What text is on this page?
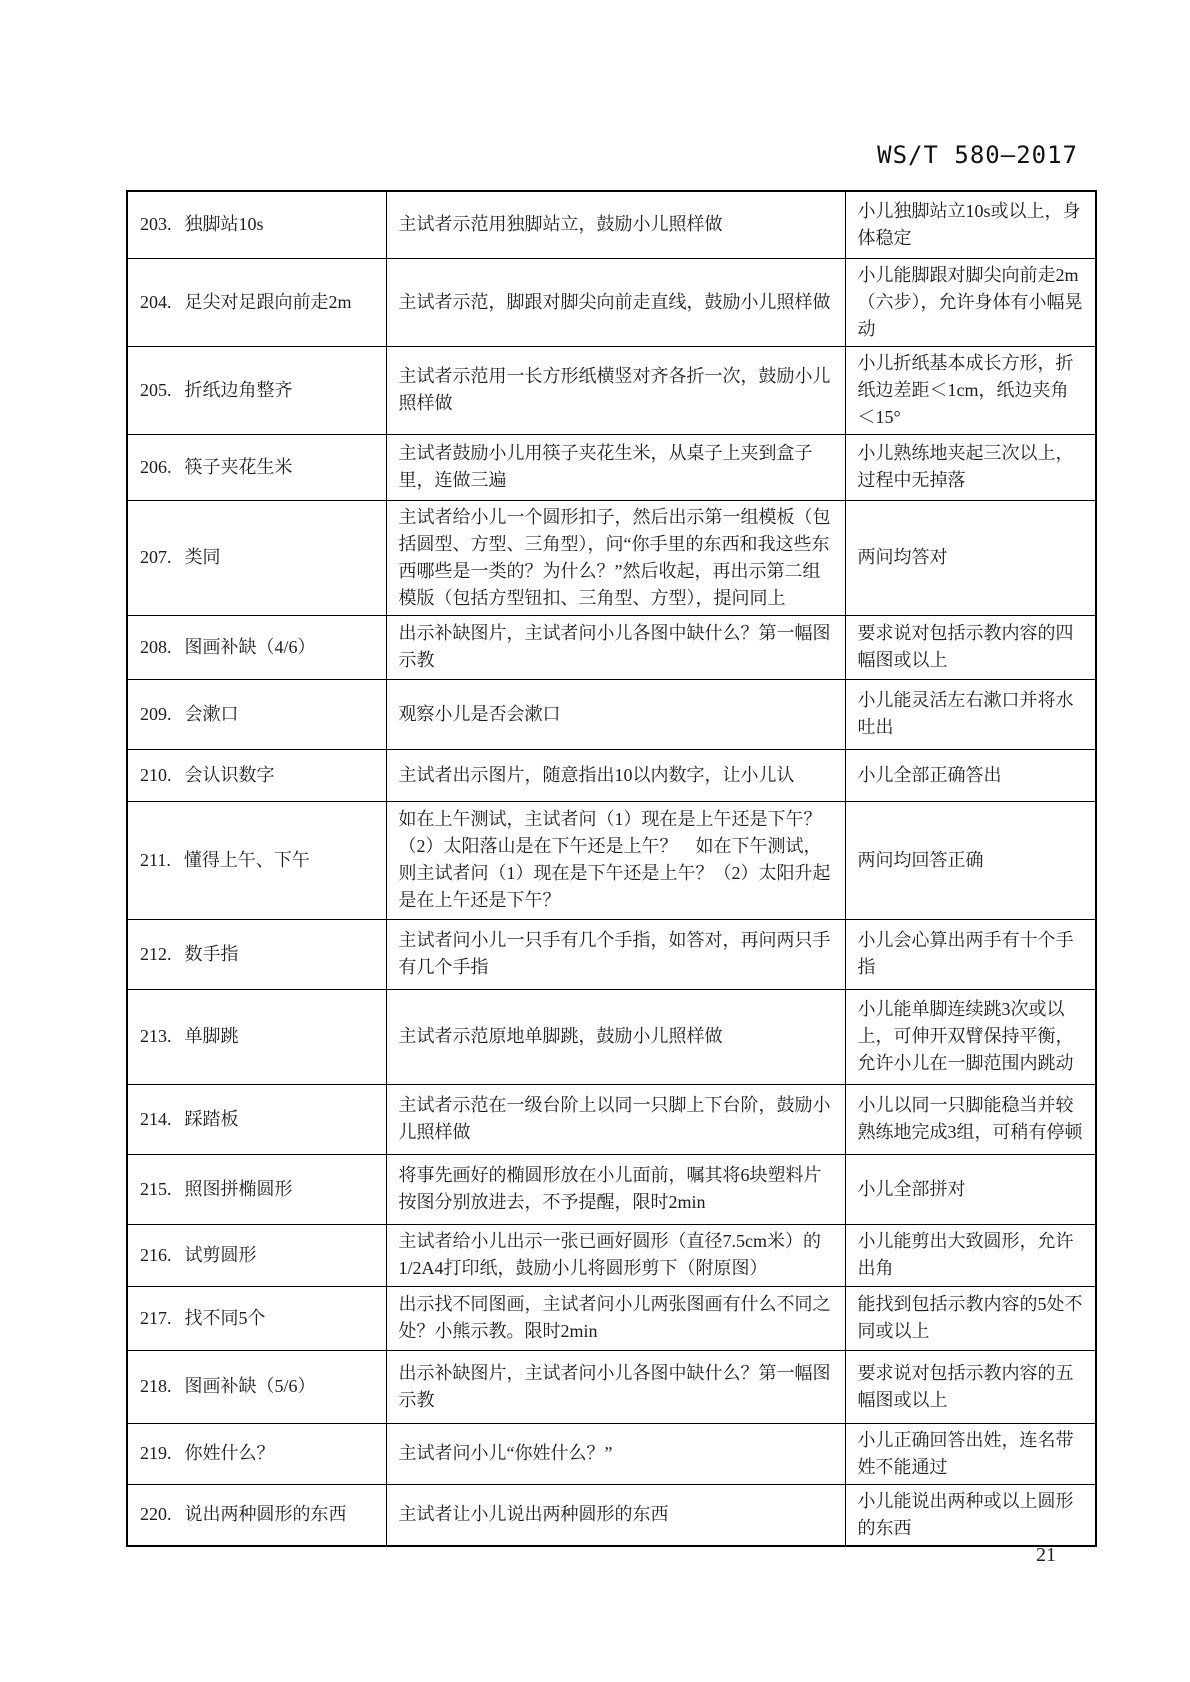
WS/T 580—2017
203. 独脚站10s	主试者示范用独脚站立，鼓励小儿照样做	小儿独脚站立10s或以上，身体稳定
204. 足尖对足跟向前走2m	主试者示范，脚跟对脚尖向前走直线，鼓励小儿照样做	小儿能脚跟对脚尖向前走2m（六步），允许身体有小幅晃动
205. 折纸边角整齐	主试者示范用一长方形纸横竖对齐各折一次，鼓励小儿照样做	小儿折纸基本成长方形，折纸边差距＜1cm，纸边夹角＜15°
206. 筷子夹花生米	主试者鼓励小儿用筷子夹花生米，从桌子上夹到盒子里，连做三遍	小儿熟练地夹起三次以上，过程中无掉落
207. 类同	主试者给小儿一个圆形扣子，然后出示第一组模板（包括圆型、方型、三角型），问“你手里的东西和我这些东西哪些是一类的？为什么？”然后收起，再出示第二组模版（包括方型钮扣、三角型、方型），提问同上	两问均答对
208. 图画补缺（4/6）	出示补缺图片，主试者问小儿各图中缺什么？第一幅图示教	要求说对包括示教内容的四幅图或以上
209. 会漱口	观察小儿是否会漱口	小儿能灵活左右漱口并将水吐出
210. 会认识数字	主试者出示图片，随意指出10以内数字，让小儿认	小儿全部正确答出
211. 懂得上午、下午	如在上午测试，主试者问（1）现在是上午还是下午？（2）太阳落山是在下午还是上午？　如在下午测试，则主试者问（1）现在是下午还是上午？（2）太阳升起是在上午还是下午？	两问均回答正确
212. 数手指	主试者问小儿一只手有几个手指，如答对，再问两只手有几个手指	小儿会心算出两手有十个手指
213. 单脚跳	主试者示范原地单脚跳，鼓励小儿照样做	小儿能单脚连续跳3次或以上，可伸开双臂保持平衡，允许小儿在一脚范围内跳动
214. 踩踏板	主试者示范在一级台阶上以同一只脚上下台阶，鼓励小儿照样做	小儿以同一只脚能稳当并较熟练地完成3组，可稍有停顿
215. 照图拼椭圆形	将事先画好的椭圆形放在小儿面前，嘱其将6块塑料片按图分别放进去，不予提醒，限时2min	小儿全部拼对
216. 试剪圆形	主试者给小儿出示一张已画好圆形（直径7.5cm米）的1/2A4打印纸，鼓励小儿将圆形剪下（附原图）	小儿能剪出大致圆形，允许出角
217. 找不同5个	出示找不同图画，主试者问小儿两张图画有什么不同之处？小熊示教。限时2min	能找到包括示教内容的5处不同或以上
218. 图画补缺（5/6）	出示补缺图片，主试者问小儿各图中缺什么？第一幅图示教	要求说对包括示教内容的五幅图或以上
219. 你姓什么？	主试者问小儿“你姓什么？”	小儿正确回答出姓，连名带姓不能通过
220. 说出两种圆形的东西	主试者让小儿说出两种圆形的东西	小儿能说出两种或以上圆形的东西
21
